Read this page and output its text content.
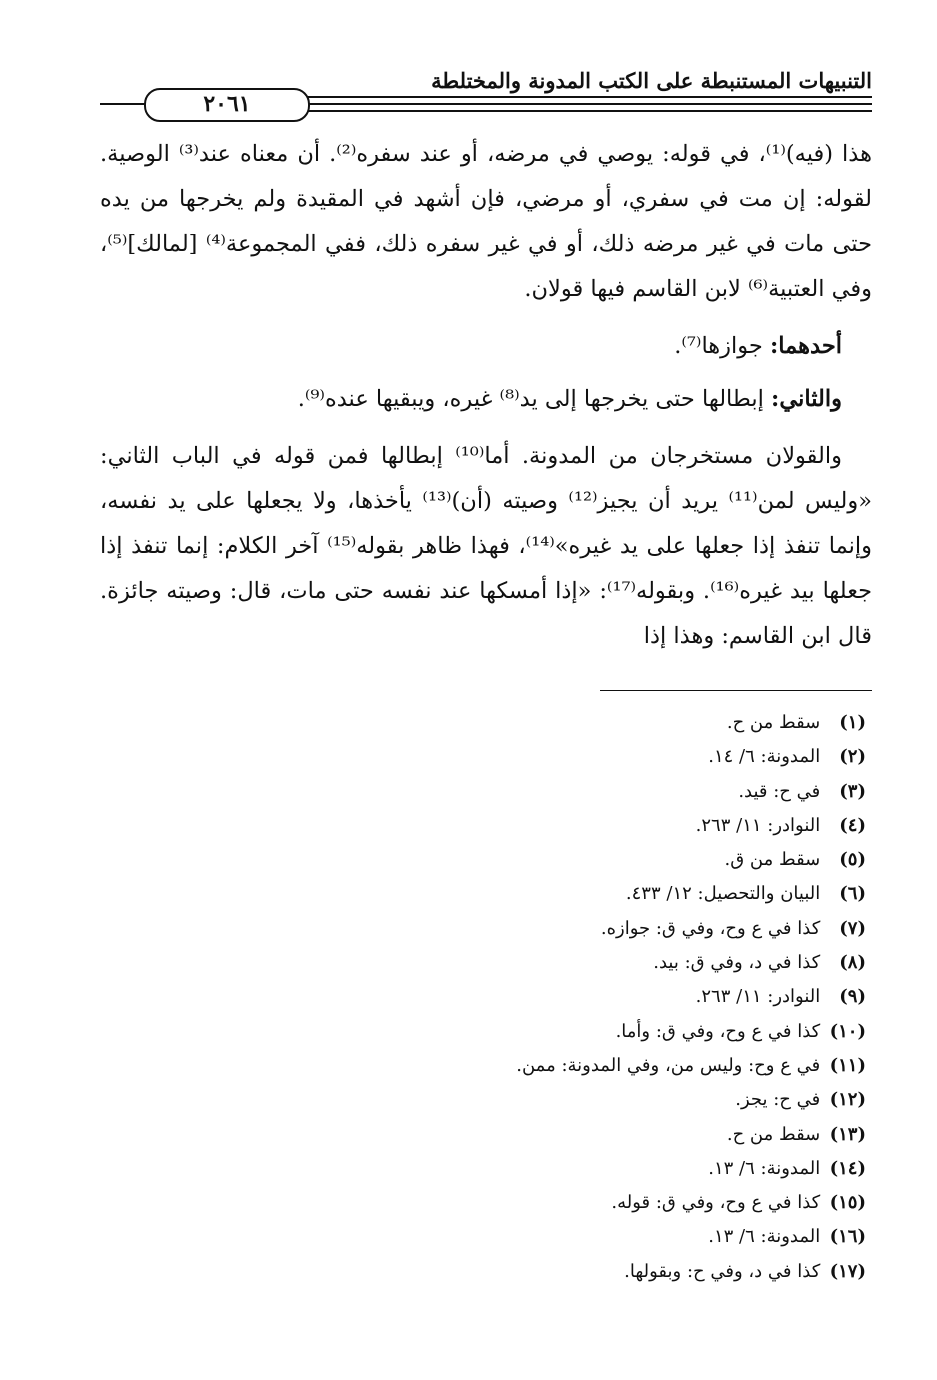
التنبيهات المستنبطة على الكتب المدونة والمختلطة
٢٠٦١

هذا (فيه)⁽¹⁾، في قوله: يوصي في مرضه، أو عند سفره⁽²⁾. أن معناه عند⁽³⁾ الوصية. لقوله: إن مت في سفري، أو مرضي، فإن أشهد في المقيدة ولم يخرجها من يده حتى مات في غير مرضه ذلك، أو في غير سفره ذلك، ففي المجموعة⁽⁴⁾ [لمالك]⁽⁵⁾، وفي العتبية⁽⁶⁾ لابن القاسم فيها قولان.

أحدهما: جوازها⁽⁷⁾.

والثاني: إبطالها حتى يخرجها إلى يد⁽⁸⁾ غيره، ويبقيها عنده⁽⁹⁾.

والقولان مستخرجان من المدونة. أما⁽¹⁰⁾ إبطالها فمن قوله في الباب الثاني: «وليس لمن⁽¹¹⁾ يريد أن يجيز⁽¹²⁾ وصيته (أن)⁽¹³⁾ يأخذها، ولا يجعلها على يد نفسه، وإنما تنفذ إذا جعلها على يد غيره»⁽¹⁴⁾، فهذا ظاهر بقوله⁽¹⁵⁾ آخر الكلام: إنما تنفذ إذا جعلها بيد غيره⁽¹⁶⁾. وبقوله⁽¹⁷⁾: «إذا أمسكها عند نفسه حتى مات، قال: وصيته جائزة. قال ابن القاسم: وهذا إذا

(١) سقط من ح.

(٢) المدونة: ٦/ ١٤.

(٣) في ح: قيد.

(٤) النوادر: ١١/ ٢٦٣.

(٥) سقط من ق.

(٦) البيان والتحصيل: ١٢/ ٤٣٣.

(٧) كذا في ع وح، وفي ق: جوازه.

(٨) كذا في د، وفي ق: بيد.

(٩) النوادر: ١١/ ٢٦٣.

(١٠) كذا في ع وح، وفي ق: وأما.

(١١) في ع وح: وليس من، وفي المدونة: ممن.

(١٢) في ح: يجز.

(١٣) سقط من ح.

(١٤) المدونة: ٦/ ١٣.

(١٥) كذا في ع وح، وفي ق: قوله.

(١٦) المدونة: ٦/ ١٣.

(١٧) كذا في د، وفي ح: وبقولها.
